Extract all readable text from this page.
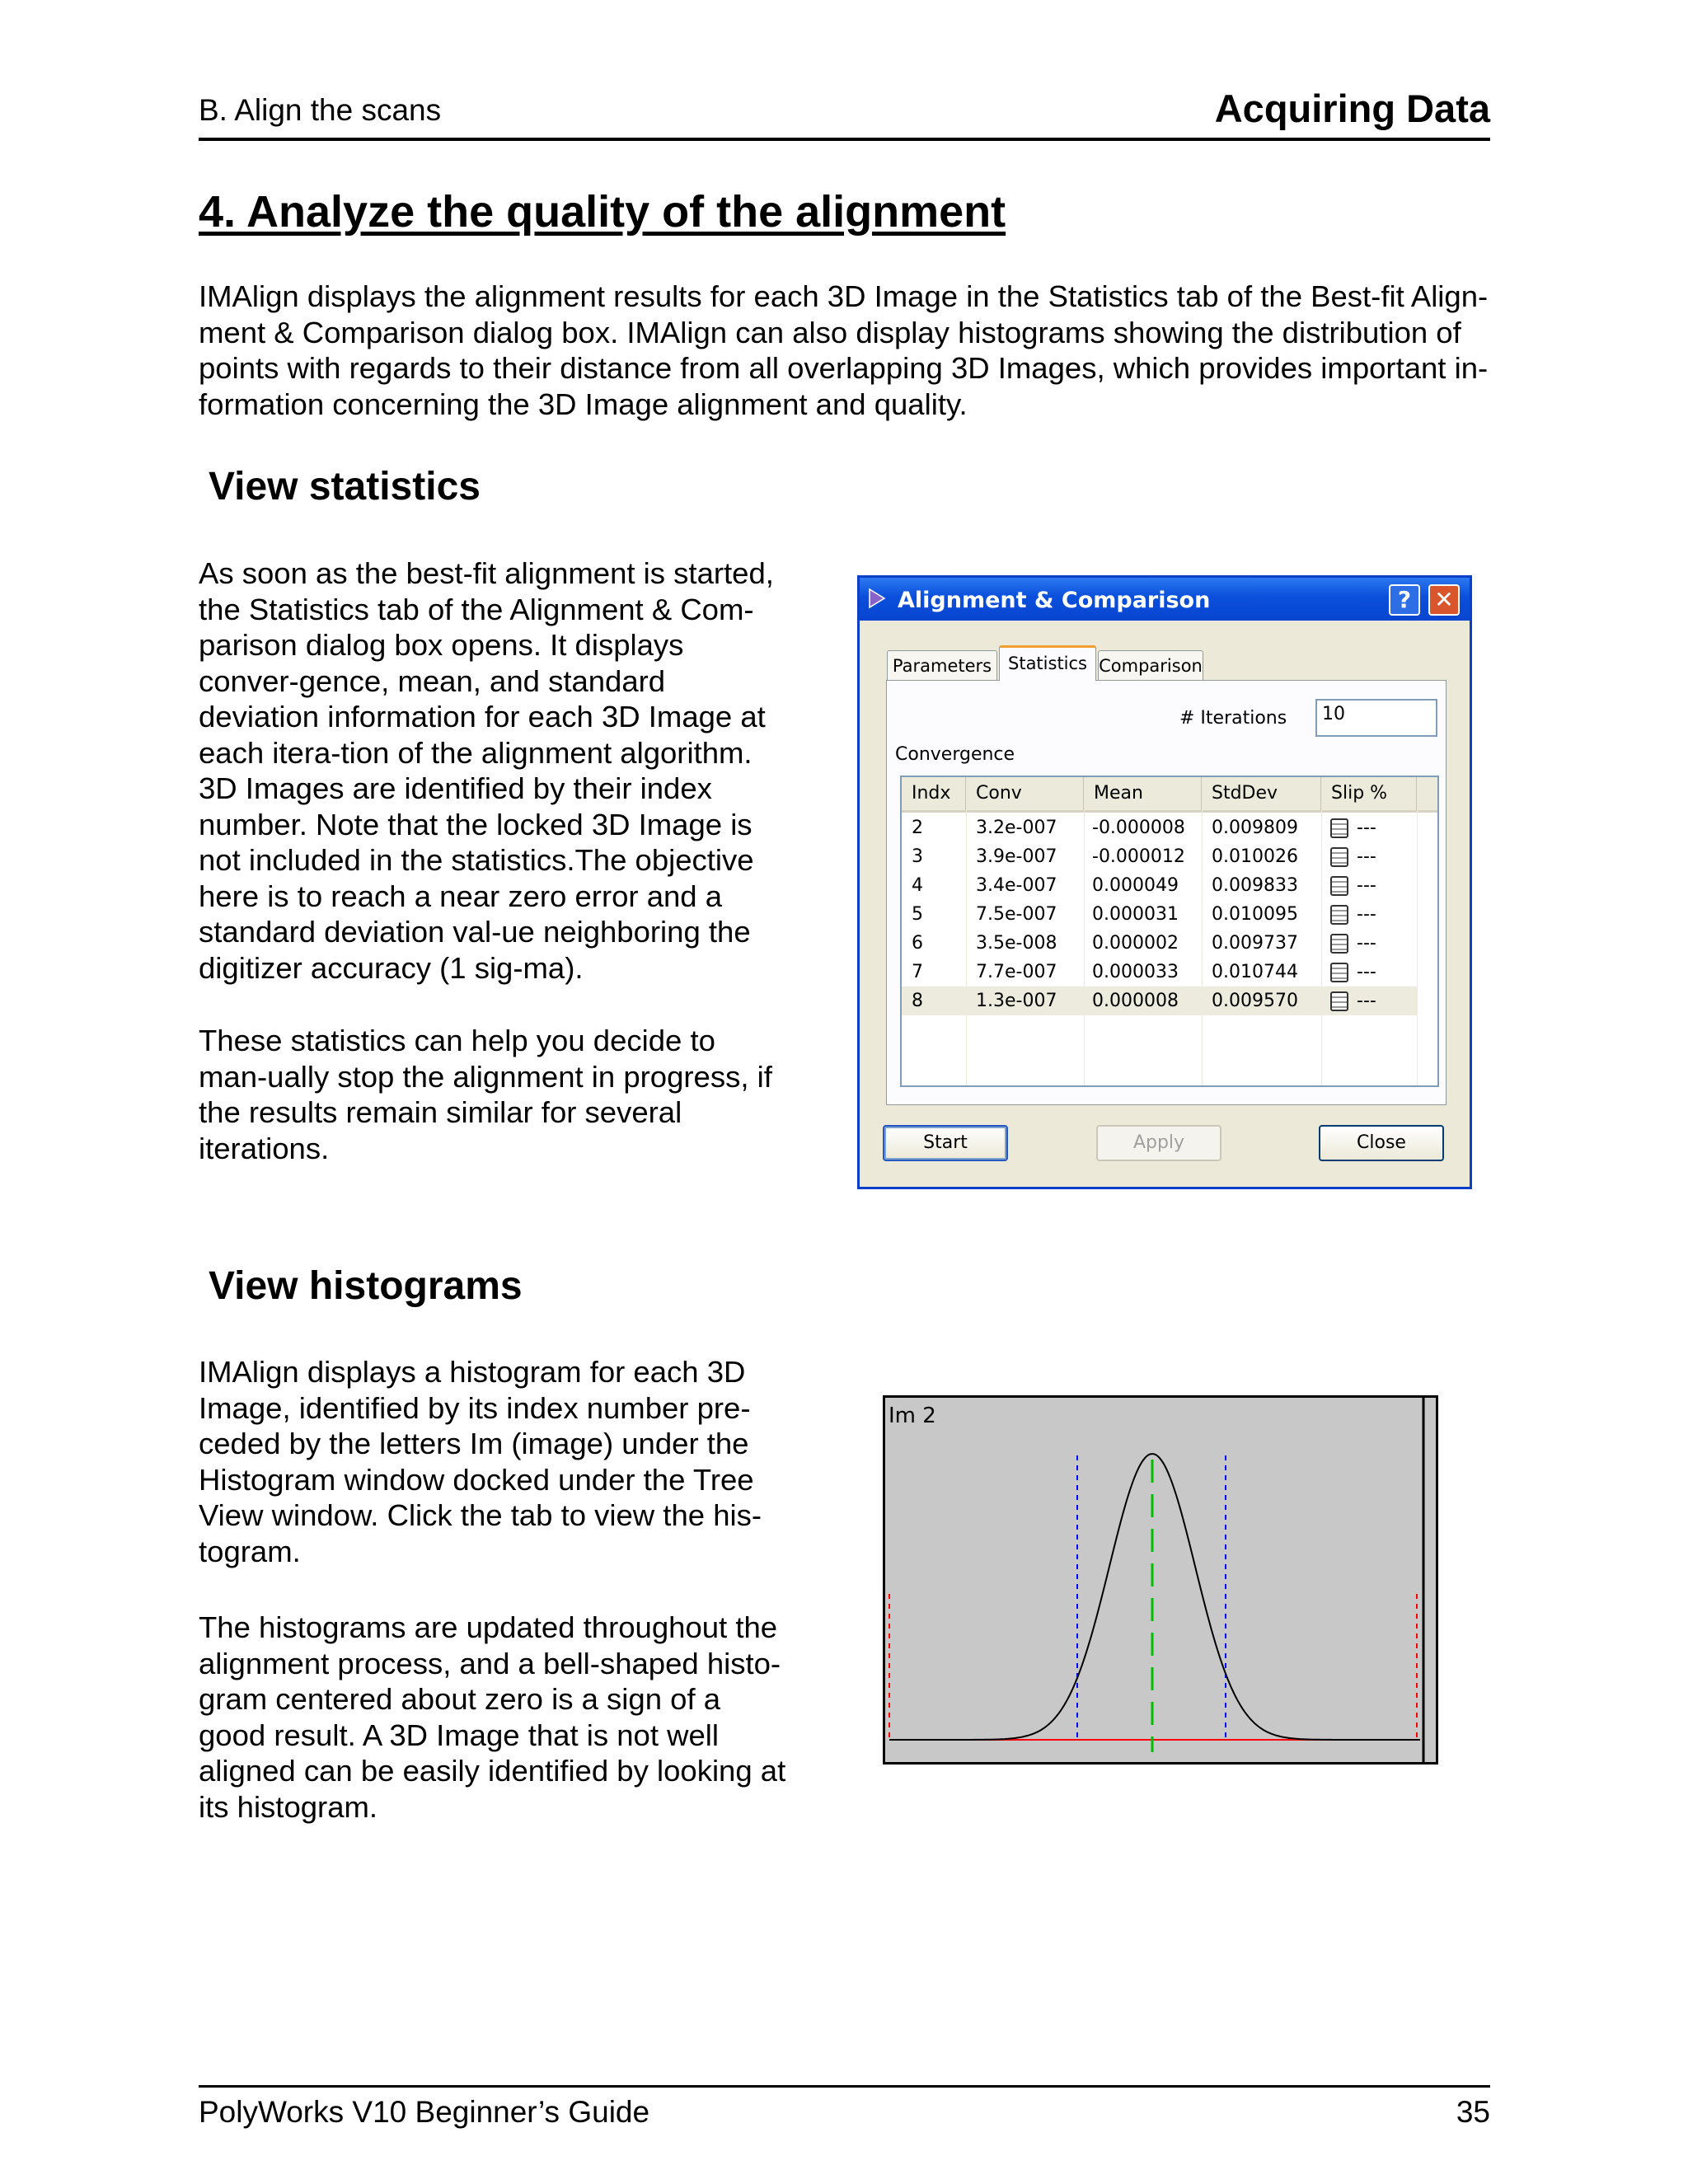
B. Align the scans	Acquiring Data
4. Analyze the quality of the alignment
IMAlign displays the alignment results for each 3D Image in the Statistics tab of the Best-fit Align-ment & Comparison dialog box. IMAlign can also display histograms showing the distribution of points with regards to their distance from all overlapping 3D Images, which provides important in-formation concerning the 3D Image alignment and quality.
View statistics
As soon as the best-fit alignment is started, the Statistics tab of the Alignment & Com-parison dialog box opens. It displays conver-gence, mean, and standard deviation information for each 3D Image at each itera-tion of the alignment algorithm. 3D Images are identified by their index number. Note that the locked 3D Image is not included in the statistics.The objective here is to reach a near zero error and a standard deviation val-ue neighboring the digitizer accuracy (1 sig-ma).
These statistics can help you decide to man-ually stop the alignment in progress, if the results remain similar for several iterations.
Alignment & Comparison	?	✕
Parameters Statistics Comparison
# Iterations	10
Convergence
Indx	Conv	Mean	StdDev	Slip %
2	3.2e-007 -0.000008 0.009809	---
3	3.9e-007 -0.000012 0.010026	---
4	3.4e-007 0.000049 0.009833	---
5	7.5e-007 0.000031 0.010095	---
6	3.5e-008 0.000002 0.009737	---
7	7.7e-007 0.000033 0.010744	---
8	1.3e-007 0.000008 0.009570	---
Start	Apply	Close
View histograms
IMAlign displays a histogram for each 3D Image, identified by its index number pre-ceded by the letters Im (image) under the Histogram window docked under the Tree View window. Click the tab to view the his-togram.
The histograms are updated throughout the alignment process, and a bell-shaped histo-gram centered about zero is a sign of a good result. A 3D Image that is not well aligned can be easily identified by looking at its histogram.
Im 2
PolyWorks V10 Beginner’s Guide	35
